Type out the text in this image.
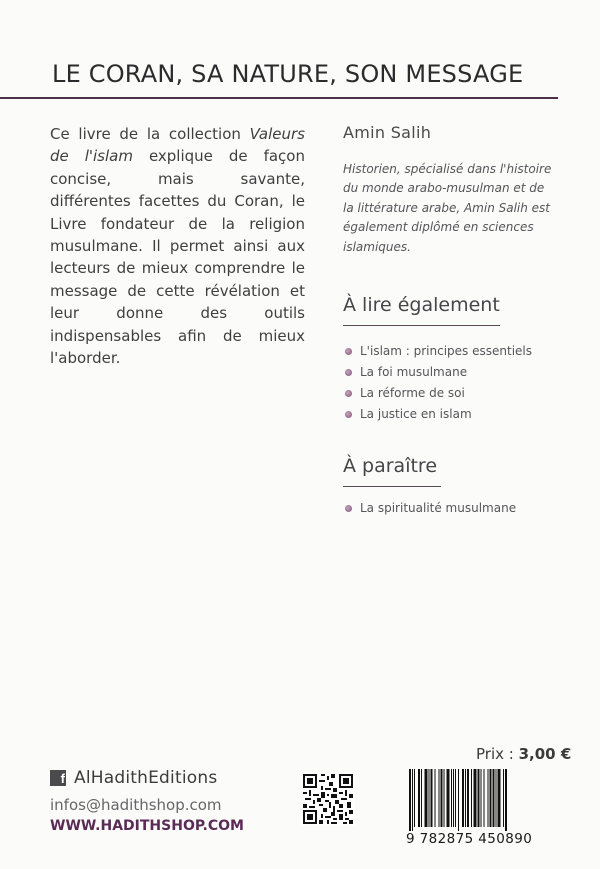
LE CORAN, SA NATURE, SON MESSAGE
Ce livre de la collection Valeurs de l'islam explique de façon concise, mais savante, différentes facettes du Coran, le Livre fondateur de la religion musulmane. Il permet ainsi aux lecteurs de mieux comprendre le message de cette révélation et leur donne des outils indispensables afin de mieux l'aborder.
Amin Salih
Historien, spécialisé dans l'histoire du monde arabo-musulman et de la littérature arabe, Amin Salih est également diplômé en sciences islamiques.
À lire également
L'islam : principes essentiels
La foi musulmane
La réforme de soi
La justice en islam
À paraître
La spiritualité musulmane
f AlHadithEditions
infos@hadithshop.com
WWW.HADITHSHOP.COM
Prix : 3,00 €
9 782875 450890
